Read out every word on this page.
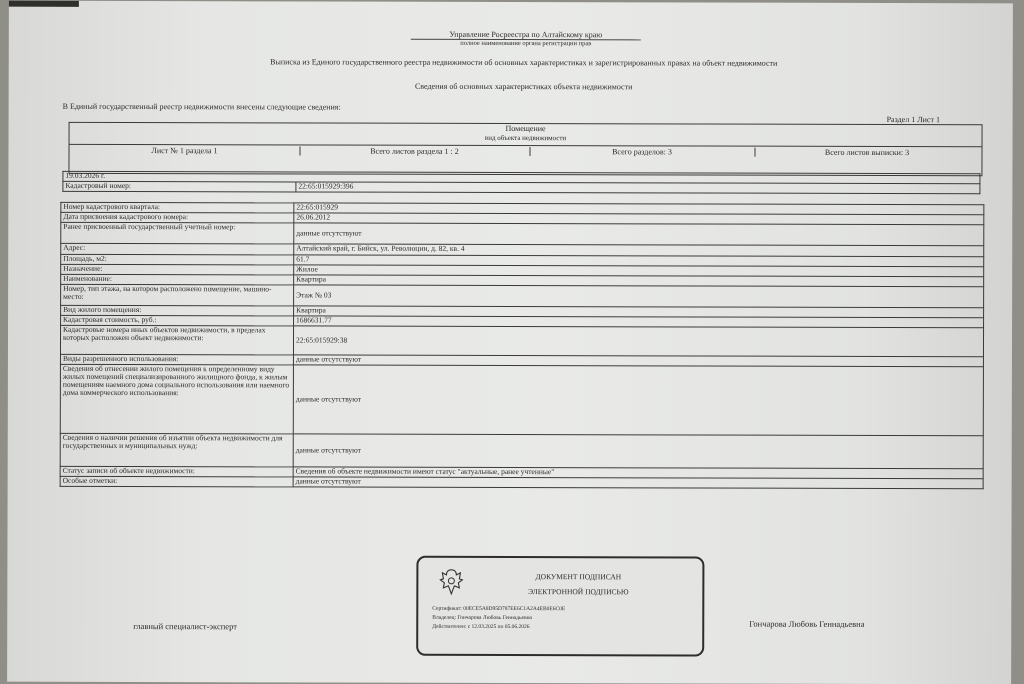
Управление Росреестра по Алтайскому краю
полное наименование органа регистрации прав
Выписка из Единого государственного реестра недвижимости об основных характеристиках и зарегистрированных правах на объект недвижимости
Сведения об основных характеристиках объекта недвижимости
В Единый государственный реестр недвижимости внесены следующие сведения:
Раздел 1 Лист 1
Помещение
вид объекта недвижимости
Лист № 1 раздела 1	Всего листов раздела 1 : 2	Всего разделов: 3	Всего листов выписки: 3
19.03.2026 г.
Кадастровый номер:	22:65:015929:396
Номер кадастрового квартала:	22:65:015929
Дата присвоения кадастрового номера:	26.06.2012
Ранее присвоенный государственный учетный номер:	данные отсутствуют
Адрес:	Алтайский край, г. Бийск, ул. Революции, д. 82, кв. 4
Площадь, м2:	61.7
Назначение:	Жилое
Наименование:	Квартира
Номер, тип этажа, на котором расположено помещение, машино-место:	Этаж № 03
Вид жилого помещения:	Квартира
Кадастровая стоимость, руб.:	1686631.77
Кадастровые номера иных объектов недвижимости, в пределах которых расположен объект недвижимости:	22:65:015929:38
Виды разрешенного использования:	данные отсутствуют
Сведения об отнесении жилого помещения к определенному виду жилых помещений специализированного жилищного фонда, к жилым помещениям наемного дома социального использования или наемного дома коммерческого использования:	данные отсутствуют
Сведения о наличии решения об изъятии объекта недвижимости для государственных и муниципальных нужд:	данные отсутствуют
Статус записи об объекте недвижимости:	Сведения об объекте недвижимости имеют статус "актуальные, ранее учтенные"
Особые отметки:	данные отсутствуют
ДОКУМЕНТ ПОДПИСАН
ЭЛЕКТРОННОЙ ПОДПИСЬЮ
Сертификат: 00ECE5A8D95D787EE6C1A2A4EB0E6C0E
Владелец: Гончарова Любовь Геннадьевна
Действителен: с 12.03.2025 по 05.06.2026
главный специалист-эксперт	Гончарова Любовь Геннадьевна
